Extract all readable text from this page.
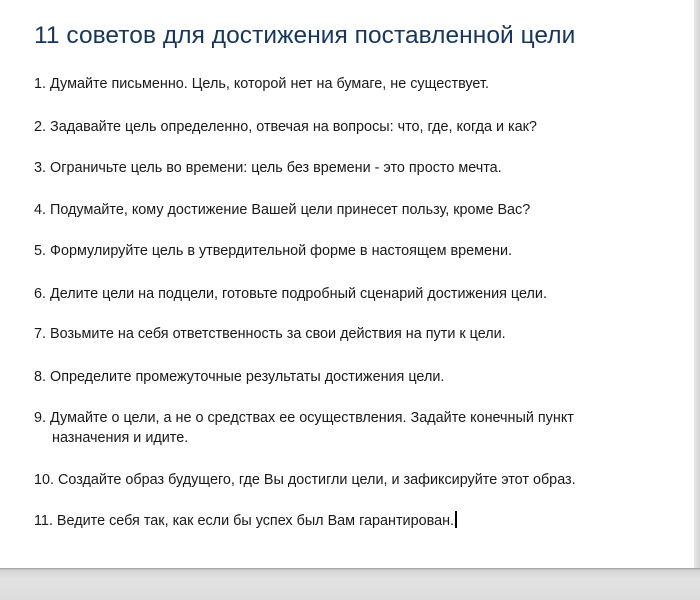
11 советов для достижения поставленной цели

1. Думайте письменно. Цель, которой нет на бумаге, не существует.

2. Задавайте цель определенно, отвечая на вопросы: что, где, когда и как?

3. Ограничьте цель во времени: цель без времени - это просто мечта.

4. Подумайте, кому достижение Вашей цели принесет пользу, кроме Вас?

5. Формулируйте цель в утвердительной форме в настоящем времени.

6. Делите цели на подцели, готовьте подробный сценарий достижения цели.

7. Возьмите на себя ответственность за свои действия на пути к цели.

8. Определите промежуточные результаты достижения цели.

9. Думайте о цели, а не о средствах ее осуществления. Задайте конечный пункт
назначения и идите.

10. Создайте образ будущего, где Вы достигли цели, и зафиксируйте этот образ.

11. Ведите себя так, как если бы успех был Вам гарантирован.
